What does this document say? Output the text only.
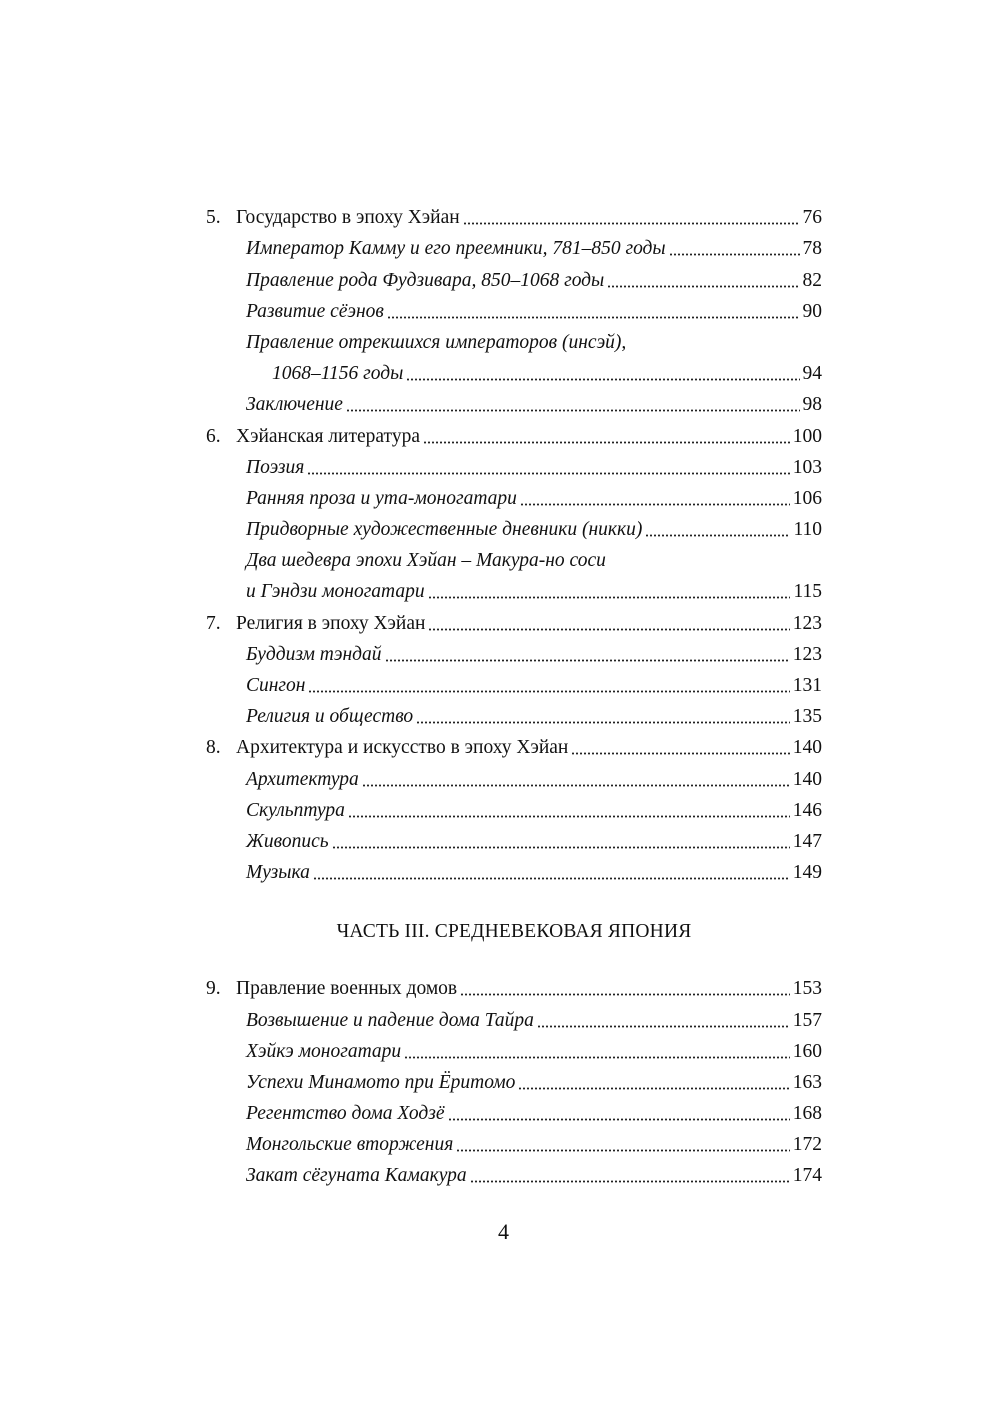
5. Государство в эпоху Хэйан	76
Император Камму и его преемники, 781–850 годы	78
Правление рода Фудзивара, 850–1068 годы	82
Развитие сёэнов	90
Правление отрекшихся императоров (инсэй),
1068–1156 годы	94
Заключение	98
6. Хэйанская литература	100
Поэзия	103
Ранняя проза и ута-моногатари	106
Придворные художественные дневники (никки)	110
Два шедевра эпохи Хэйан – Макура-но соси
и Гэндзи моногатари	115
7. Религия в эпоху Хэйан	123
Буддизм тэндай	123
Сингон	131
Религия и общество	135
8. Архитектура и искусство в эпоху Хэйан	140
Архитектура	140
Скульптура	146
Живопись	147
Музыка	149
ЧАСТЬ III. СРЕДНЕВЕКОВАЯ ЯПОНИЯ
9. Правление военных домов	153
Возвышение и падение дома Тайра	157
Хэйкэ моногатари	160
Успехи Минамото при Ёритомо	163
Регентство дома Ходзё	168
Монгольские вторжения	172
Закат сёгуната Камакура	174
4
